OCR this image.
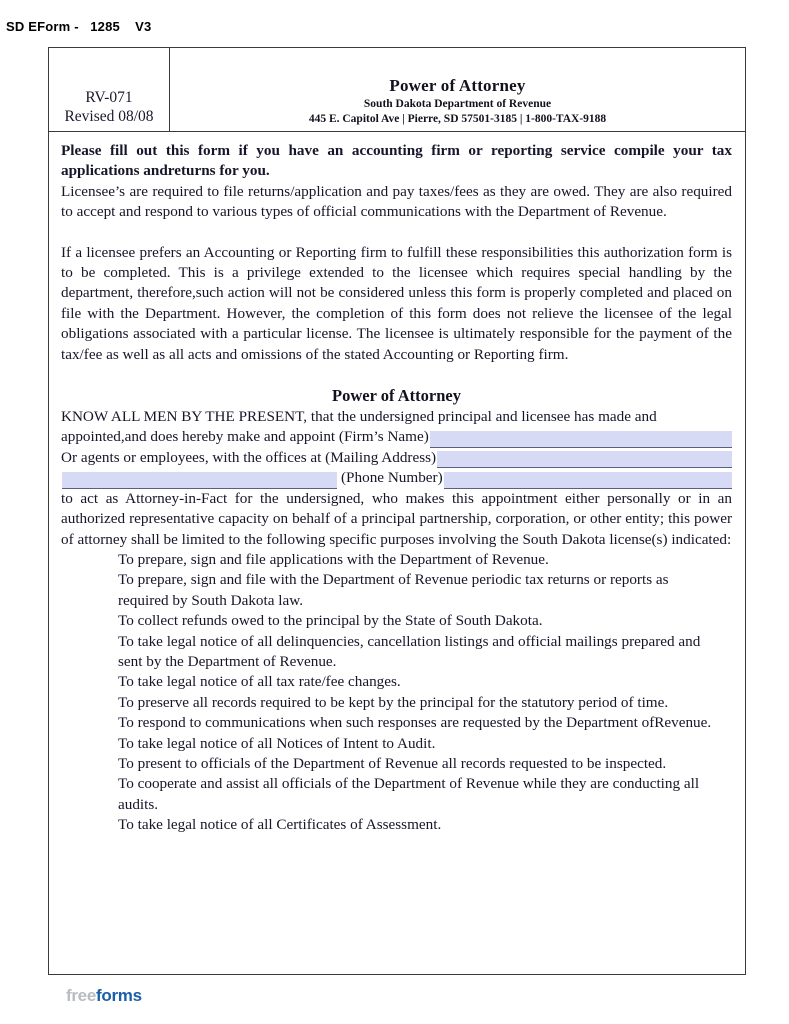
SD EForm -   1285    V3
RV-071
Revised 08/08
Power of Attorney
South Dakota Department of Revenue
445 E. Capitol Ave | Pierre, SD 57501-3185 | 1-800-TAX-9188

Please fill out this form if you have an accounting firm or reporting service compile your tax applications andreturns for you.

Licensee’s are required to file returns/application and pay taxes/fees as they are owed. They are also required to accept and respond to various types of official communications with the Department of Revenue.

If a licensee prefers an Accounting or Reporting firm to fulfill these responsibilities this authorization form is to be completed. This is a privilege extended to the licensee which requires special handling by the department, therefore,such action will not be considered unless this form is properly completed and placed on file with the Department. However, the completion of this form does not relieve the licensee of the legal obligations associated with a particular license. The licensee is ultimately responsible for the payment of the tax/fee as well as all acts and omissions of the stated Accounting or Reporting firm.

Power of Attorney

KNOW ALL MEN BY THE PRESENT, that the undersigned principal and licensee has made and

appointed,and does hereby make and appoint (Firm’s Name)
Or agents or employees, with the offices at (Mailing Address)
(Phone Number)

to act as Attorney-in-Fact for the undersigned, who makes this appointment either personally or in an authorized representative capacity on behalf of a principal partnership, corporation, or other entity; this power of attorney shall be limited to the following specific purposes involving the South Dakota license(s) indicated:

To prepare, sign and file applications with the Department of Revenue.
To prepare, sign and file with the Department of Revenue periodic tax returns or reports as required by South Dakota law.
To collect refunds owed to the principal by the State of South Dakota.
To take legal notice of all delinquencies, cancellation listings and official mailings prepared and sent by the Department of Revenue.
To take legal notice of all tax rate/fee changes.
To preserve all records required to be kept by the principal for the statutory period of time.
To respond to communications when such responses are requested by the Department ofRevenue.
To take legal notice of all Notices of Intent to Audit.
To present to officials of the Department of Revenue all records requested to be inspected.
To cooperate and assist all officials of the Department of Revenue while they are conducting all audits.
To take legal notice of all Certificates of Assessment.
freeforms
